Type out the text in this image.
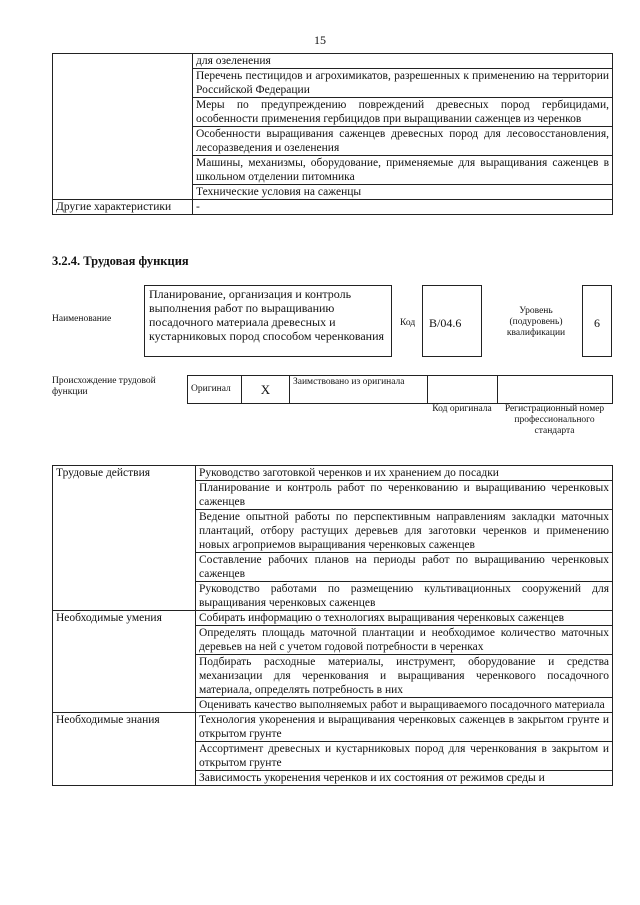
15
	для озеленения
	Перечень пестицидов и агрохимикатов, разрешенных к применению на территории Российской Федерации
	Меры по предупреждению повреждений древесных пород гербицидами, особенности применения гербицидов при выращивании саженцев из черенков
	Особенности выращивания саженцев древесных пород для лесовосстановления, лесоразведения и озеленения
	Машины, механизмы, оборудование, применяемые для выращивания саженцев в школьном отделении питомника
	Технические условия на саженцы
Другие характеристики	-
3.2.4. Трудовая функция
Наименование
Планирование, организация и контроль выполнения работ по выращиванию посадочного материала древесных и кустарниковых пород способом черенкования
Код	B/04.6
Уровень (подуровень) квалификации
6
Происхождение трудовой функции	Оригинал	X	Заимствовано из оригинала		
Код оригинала	Регистрационный номер профессионального стандарта
Трудовые действия	Руководство заготовкой черенков и их хранением до посадки
	Планирование и контроль работ по черенкованию и выращиванию черенковых саженцев
	Ведение опытной работы по перспективным направлениям закладки маточных плантаций, отбору растущих деревьев для заготовки черенков и применению новых агроприемов выращивания черенковых саженцев
	Составление рабочих планов на периоды работ по выращиванию черенковых саженцев
	Руководство работами по размещению культивационных сооружений для выращивания черенковых саженцев
Необходимые умения	Собирать информацию о технологиях выращивания черенковых саженцев
	Определять площадь маточной плантации и необходимое количество маточных деревьев на ней с учетом годовой потребности в черенках
	Подбирать расходные материалы, инструмент, оборудование и средства механизации для черенкования и выращивания черенкового посадочного материала, определять потребность в них
	Оценивать качество выполняемых работ и выращиваемого посадочного материала
Необходимые знания	Технология укоренения и выращивания черенковых саженцев в закрытом грунте и открытом грунте
	Ассортимент древесных и кустарниковых пород для черенкования в закрытом и открытом грунте
	Зависимость укоренения черенков и их состояния от режимов среды и
